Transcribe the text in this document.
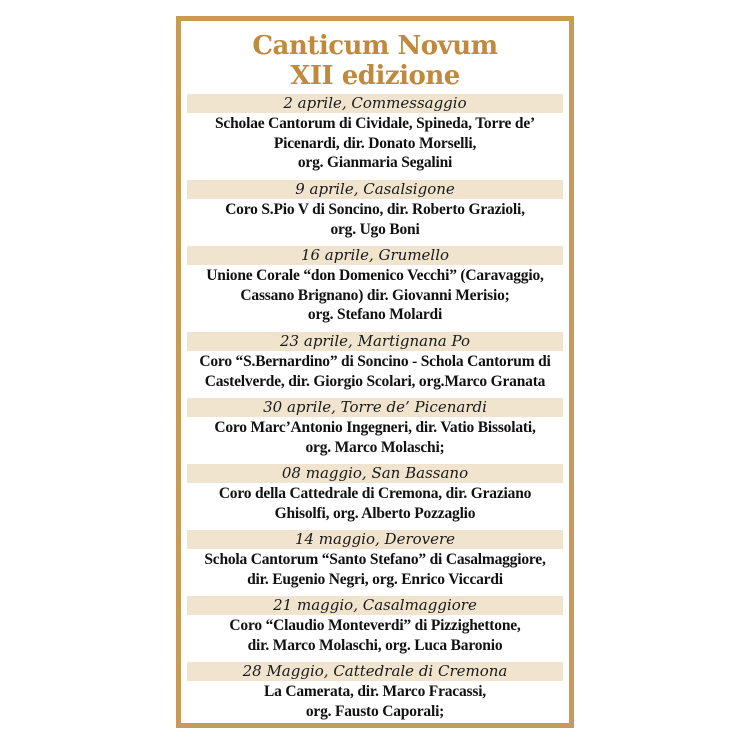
Canticum Novum
XII edizione
2 aprile, Commessaggio
Scholae Cantorum di Cividale, Spineda, Torre de’
Picenardi, dir. Donato Morselli,
org. Gianmaria Segalini
9 aprile, Casalsigone
Coro S.Pio V di Soncino, dir. Roberto Grazioli,
org. Ugo Boni
16 aprile, Grumello
Unione Corale “don Domenico Vecchi” (Caravaggio,
Cassano Brignano) dir. Giovanni Merisio;
org. Stefano Molardi
23 aprile, Martignana Po
Coro “S.Bernardino” di Soncino - Schola Cantorum di
Castelverde, dir. Giorgio Scolari, org.Marco Granata
30 aprile, Torre de’ Picenardi
Coro Marc’Antonio Ingegneri, dir. Vatio Bissolati,
org. Marco Molaschi;
08 maggio, San Bassano
Coro della Cattedrale di Cremona, dir. Graziano
Ghisolfi, org. Alberto Pozzaglio
14 maggio, Derovere
Schola Cantorum “Santo Stefano” di Casalmaggiore,
dir. Eugenio Negri, org. Enrico Viccardi
21 maggio, Casalmaggiore
Coro “Claudio Monteverdi” di Pizzighettone,
dir. Marco Molaschi, org. Luca Baronio
28 Maggio, Cattedrale di Cremona
La Camerata, dir. Marco Fracassi,
org. Fausto Caporali;
